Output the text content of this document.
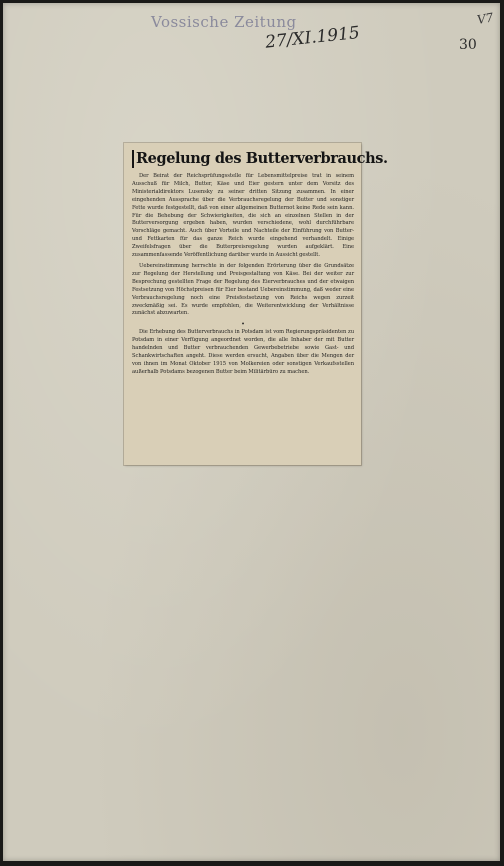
Vossische Zeitung
27/XI.1915
V7
30
Regelung des Butterverbrauchs.

Der Beirat der Reichsprüfungsstelle für Lebensmittelpreise trat in seinem Ausschuß für Milch, Butter, Käse und Eier gestern unter dem Vorsitz des Ministerialdirektors Lusensky zu seiner dritten Sitzung zusammen. In einer eingehenden Aussprache über die Verbrauchsregelung der Butter und sonstiger Fette wurde festgestellt, daß von einer allgemeinen Butternot keine Rede sein kann. Für die Behebung der Schwierigkeiten, die sich an einzelnen Stellen in der Butterversorgung ergeben haben, wurden verschiedene, wohl durchführbare Vorschläge gemacht. Auch über Vorteile und Nachteile der Einführung von Butter- und Fettkarten für das ganze Reich wurde eingehend verhandelt. Einige Zweifelsfragen über die Butterpreisregelung wurden aufgeklärt. Eine zusammenfassende Veröffentlichung darüber wurde in Aussicht gestellt.

Uebereinstimmung herrschte in der folgenden Erörterung über die Grundsätze zur Regelung der Herstellung und Preisgestaltung von Käse. Bei der weiter zur Besprechung gestellten Frage der Regelung des Eierverbrauches und der etwaigen Festsetzung von Höchstpreisen für Eier bestand Uebereinstimmung, daß weder eine Verbrauchsregelung noch eine Preisfestsetzung von Reichs wegen zurzeit zweckmäßig sei. Es wurde empfohlen, die Weiterentwicklung der Verhältnisse zunächst abzuwarten.

•

Die Erhebung des Butterverbrauchs in Potsdam ist vom Regierungspräsidenten zu Potsdam in einer Verfügung angeordnet worden, die alle Inhaber der mit Butter handelnden und Butter verbrauchenden Gewerbebetriebe sowie Gast- und Schankwirtschaften angeht. Diese werden ersucht, Angaben über die Mengen der von ihnen im Monat Oktober 1915 von Molkereien oder sonstigen Verkaufsstellen außerhalb Potsdams bezogenen Butter beim Militärbüro zu machen.
